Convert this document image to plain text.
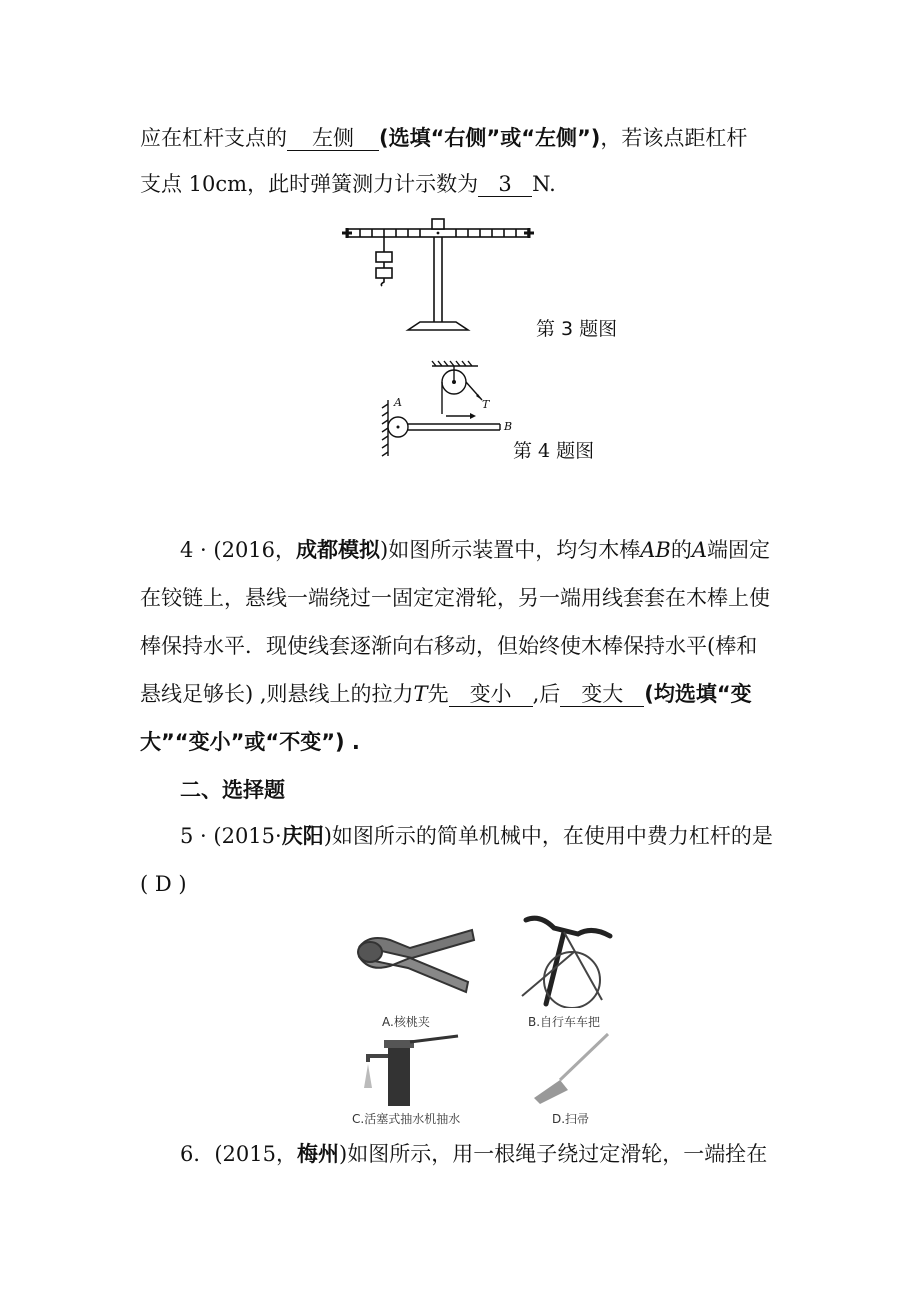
应在杠杆支点的 左侧 (选填“右侧”或“左侧”)，若该点距杠杆
支点 10cm，此时弹簧测力计示数为 3 N.
第 3 题图
A
B
T
第 4 题图
4 · (2016，成都模拟)如图所示装置中，均匀木棒AB的A端固定
在铰链上，悬线一端绕过一固定定滑轮，另一端用线套套在木棒上使
棒保持水平．现使线套逐渐向右移动，但始终使木棒保持水平(棒和
悬线足够长) ,则悬线上的拉力T先 变小 ,后 变大 (均选填“变
大”“变小”或“不变”) .
二、选择题
5 · (2015·庆阳)如图所示的简单机械中，在使用中费力杠杆的是
( D )
A.核桃夹	B.自行车车把
C.活塞式抽水机抽水	D.扫帚
6．(2015，梅州)如图所示，用一根绳子绕过定滑轮，一端拴在
